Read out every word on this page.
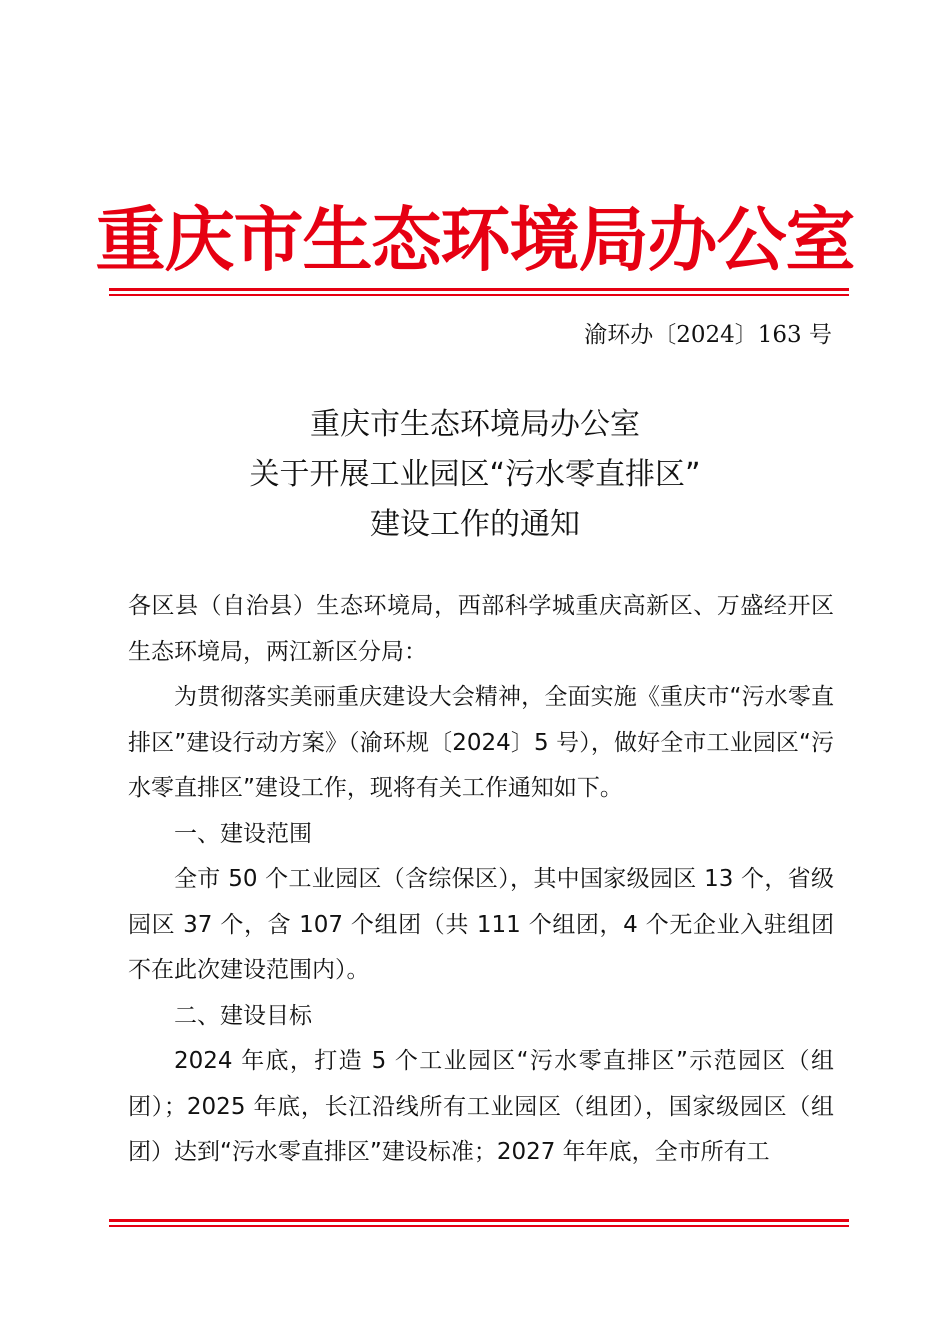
重庆市生态环境局办公室
渝环办〔2024〕163 号
重庆市生态环境局办公室
关于开展工业园区“污水零直排区”
建设工作的通知

各区县（自治县）生态环境局，西部科学城重庆高新区、万盛经开区生态环境局，两江新区分局：

为贯彻落实美丽重庆建设大会精神，全面实施《重庆市“污水零直排区”建设行动方案》（渝环规〔2024〕5 号），做好全市工业园区“污水零直排区”建设工作，现将有关工作通知如下。

一、建设范围

全市 50 个工业园区（含综保区），其中国家级园区 13 个，省级园区 37 个，含 107 个组团（共 111 个组团，4 个无企业入驻组团不在此次建设范围内）。

二、建设目标

2024 年底，打造 5 个工业园区“污水零直排区”示范园区（组团）；2025 年底，长江沿线所有工业园区（组团），国家级园区（组团）达到“污水零直排区”建设标准；2027 年年底，全市所有工
